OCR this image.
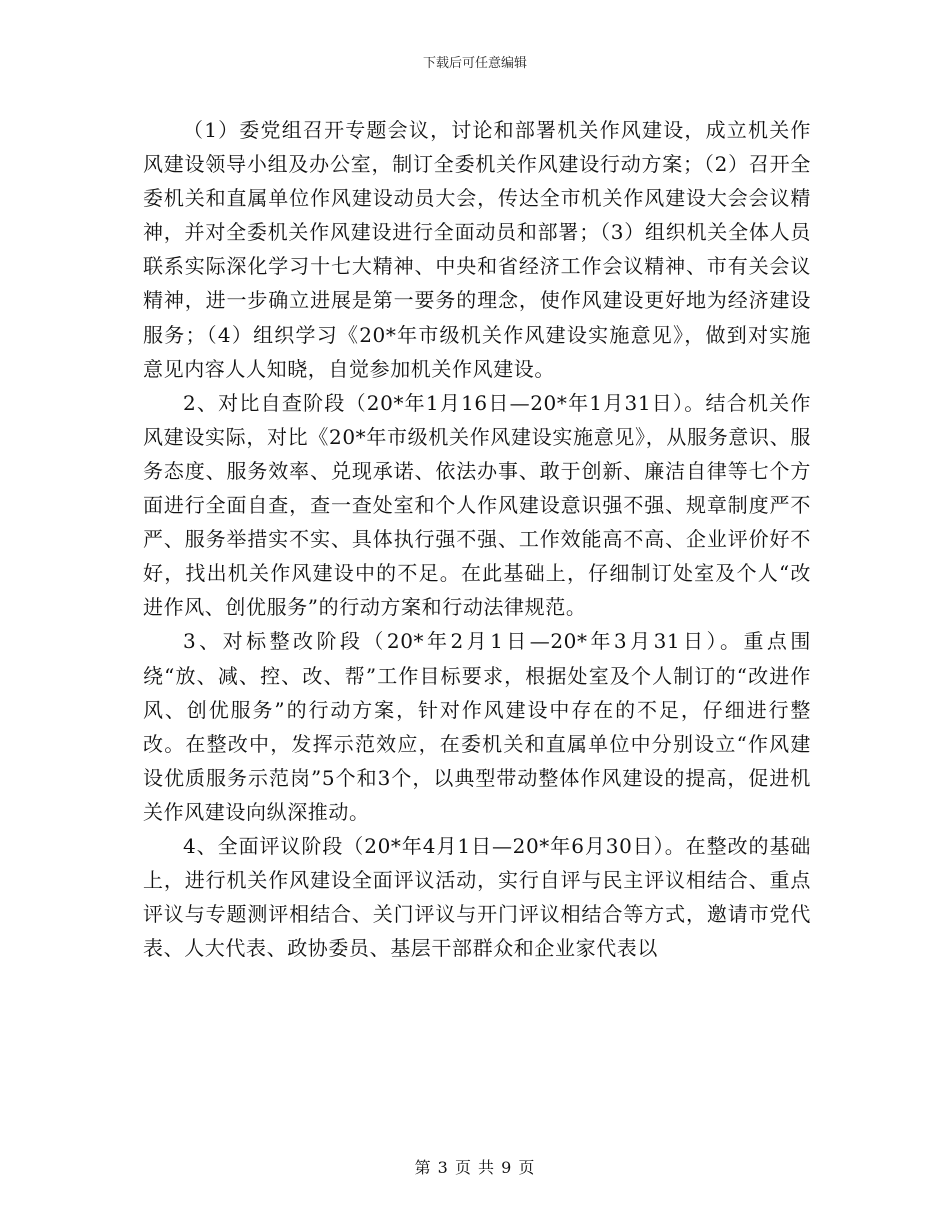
下载后可任意编辑

（1）委党组召开专题会议，讨论和部署机关作风建设，成立机关作风建设领导小组及办公室，制订全委机关作风建设行动方案；（2）召开全委机关和直属单位作风建设动员大会，传达全市机关作风建设大会会议精神，并对全委机关作风建设进行全面动员和部署；（3）组织机关全体人员联系实际深化学习十七大精神、中央和省经济工作会议精神、市有关会议精神，进一步确立进展是第一要务的理念，使作风建设更好地为经济建设服务；（4）组织学习《20*年市级机关作风建设实施意见》，做到对实施意见内容人人知晓，自觉参加机关作风建设。

2、对比自查阶段（20*年1月16日—20*年1月31日）。结合机关作风建设实际，对比《20*年市级机关作风建设实施意见》，从服务意识、服务态度、服务效率、兑现承诺、依法办事、敢于创新、廉洁自律等七个方面进行全面自查，查一查处室和个人作风建设意识强不强、规章制度严不严、服务举措实不实、具体执行强不强、工作效能高不高、企业评价好不好，找出机关作风建设中的不足。在此基础上，仔细制订处室及个人“改进作风、创优服务”的行动方案和行动法律规范。

3、对标整改阶段（20*年2月1日—20*年3月31日）。重点围绕“放、减、控、改、帮”工作目标要求，根据处室及个人制订的“改进作风、创优服务”的行动方案，针对作风建设中存在的不足，仔细进行整改。在整改中，发挥示范效应，在委机关和直属单位中分别设立“作风建设优质服务示范岗”5个和3个，以典型带动整体作风建设的提高，促进机关作风建设向纵深推动。

4、全面评议阶段（20*年4月1日—20*年6月30日）。在整改的基础上，进行机关作风建设全面评议活动，实行自评与民主评议相结合、重点评议与专题测评相结合、关门评议与开门评议相结合等方式，邀请市党代表、人大代表、政协委员、基层干部群众和企业家代表以

第 3 页 共 9 页
